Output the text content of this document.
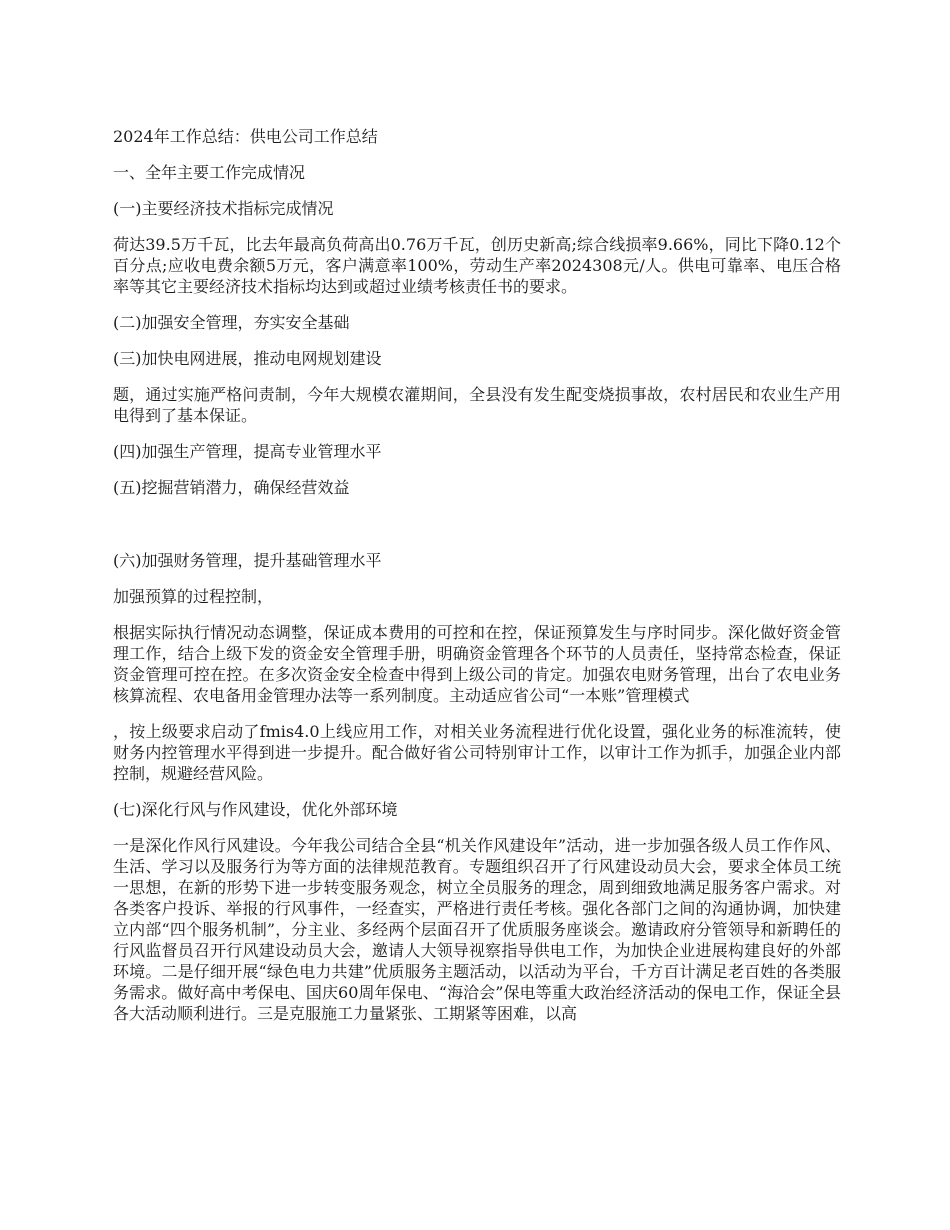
2024年工作总结：供电公司工作总结

一、全年主要工作完成情况

(一)主要经济技术指标完成情况

荷达39.5万千瓦，比去年最高负荷高出0.76万千瓦，创历史新高;综合线损率9.66%，同比下降0.12个百分点;应收电费余额5万元，客户满意率100%，劳动生产率2024308元/人。供电可靠率、电压合格率等其它主要经济技术指标均达到或超过业绩考核责任书的要求。

(二)加强安全管理，夯实安全基础

(三)加快电网进展，推动电网规划建设

题，通过实施严格问责制，今年大规模农灌期间，全县没有发生配变烧损事故，农村居民和农业生产用电得到了基本保证。

(四)加强生产管理，提高专业管理水平

(五)挖掘营销潜力，确保经营效益

(六)加强财务管理，提升基础管理水平

加强预算的过程控制，

根据实际执行情况动态调整，保证成本费用的可控和在控，保证预算发生与序时同步。深化做好资金管理工作，结合上级下发的资金安全管理手册，明确资金管理各个环节的人员责任，坚持常态检查，保证资金管理可控在控。在多次资金安全检查中得到上级公司的肯定。加强农电财务管理，出台了农电业务核算流程、农电备用金管理办法等一系列制度。主动适应省公司“一本账”管理模式

，按上级要求启动了fmis4.0上线应用工作，对相关业务流程进行优化设置，强化业务的标准流转，使财务内控管理水平得到进一步提升。配合做好省公司特别审计工作，以审计工作为抓手，加强企业内部控制，规避经营风险。

(七)深化行风与作风建设，优化外部环境

一是深化作风行风建设。今年我公司结合全县“机关作风建设年”活动，进一步加强各级人员工作作风、生活、学习以及服务行为等方面的法律规范教育。专题组织召开了行风建设动员大会，要求全体员工统一思想，在新的形势下进一步转变服务观念，树立全员服务的理念，周到细致地满足服务客户需求。对各类客户投诉、举报的行风事件，一经查实，严格进行责任考核。强化各部门之间的沟通协调，加快建立内部“四个服务机制”，分主业、多经两个层面召开了优质服务座谈会。邀请政府分管领导和新聘任的行风监督员召开行风建设动员大会，邀请人大领导视察指导供电工作，为加快企业进展构建良好的外部环境。二是仔细开展“绿色电力共建”优质服务主题活动，以活动为平台，千方百计满足老百姓的各类服务需求。做好高中考保电、国庆60周年保电、“海洽会”保电等重大政治经济活动的保电工作，保证全县各大活动顺利进行。三是克服施工力量紧张、工期紧等困难，以高
